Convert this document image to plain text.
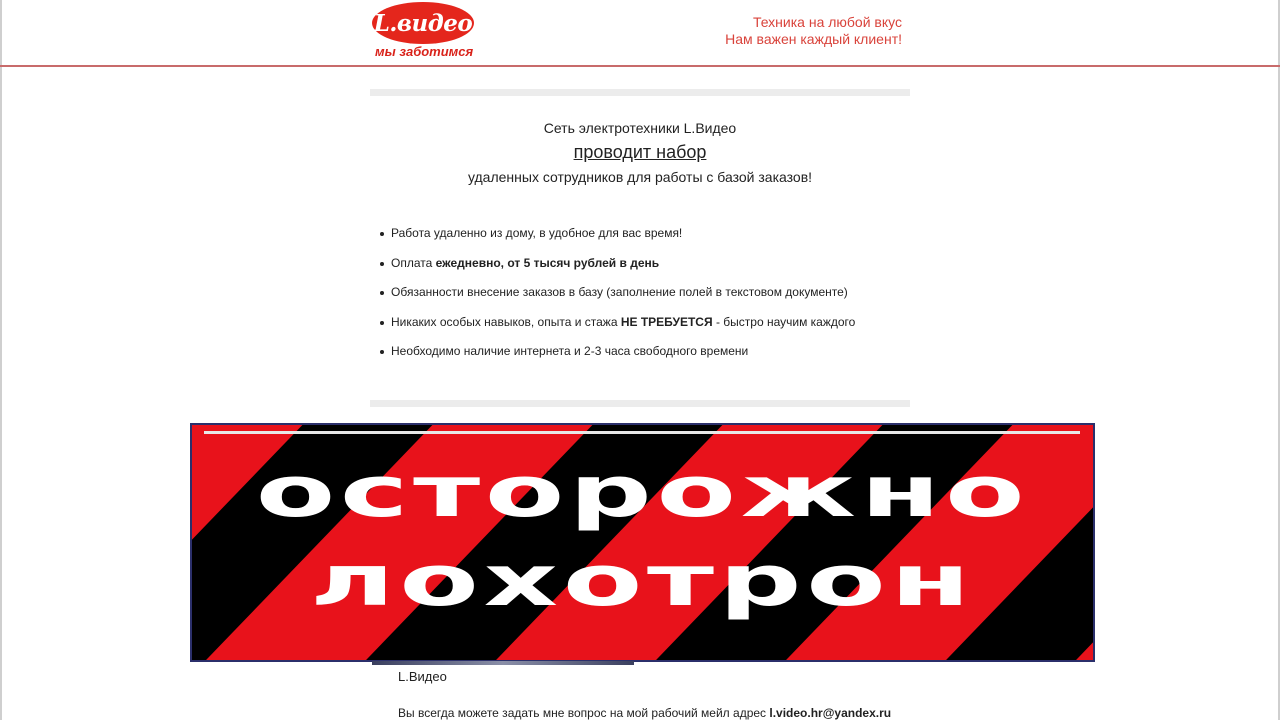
L.видео
мы заботимся
Техника на любой вкус
Нам важен каждый клиент!
Сеть электротехники L.Видео
проводит набор
удаленных сотрудников для работы с базой заказов!
Работа удаленно из дому, в удобное для вас время!
Оплата ежедневно, от 5 тысяч рублей в день
Обязанности внесение заказов в базу (заполнение полей в текстовом документе)
Никаких особых навыков, опыта и стажа НЕ ТРЕБУЕТСЯ - быстро научим каждого
Необходимо наличие интернета и 2-3 часа свободного времени
осторожно
лохотрон
L.Видео
Вы всегда можете задать мне вопрос на мой рабочий мейл адрес l.video.hr@yandex.ru
